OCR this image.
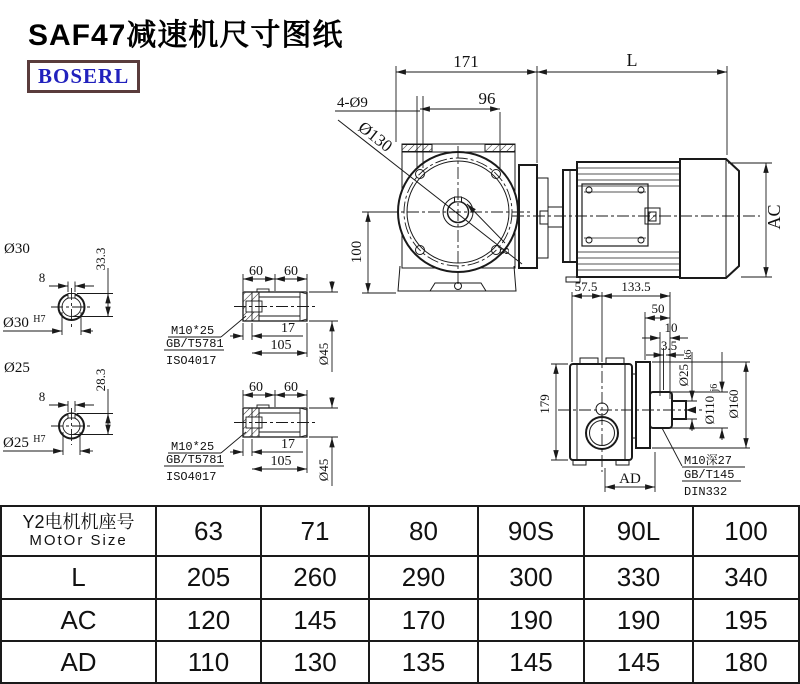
SAF47减速机尺寸图纸
BOSERL
Ø130
8
171	L
96
4-Ø9
100
AC
57.5 133.5
50
10
3.5
Ø25 k6
Ø110 j6
Ø160
179
AD
M10深27
GB/T145
DIN332
Ø30
8
33.3
Ø30 $^{H7}$
Ø25
8
28.3
Ø25 $^{H7}$
60 60
17
105
M10*25
GB/T5781
ISO4017	Ø45
60 60
17
105
M10*25
GB/T5781
ISO4017	Ø45
Y2电机机座号
MOtOr Size	63	71	80	90S	90L	100
L	205	260	290	300	330	340
AC	120	145	170	190	190	195
AD	110	130	135	145	145	180
